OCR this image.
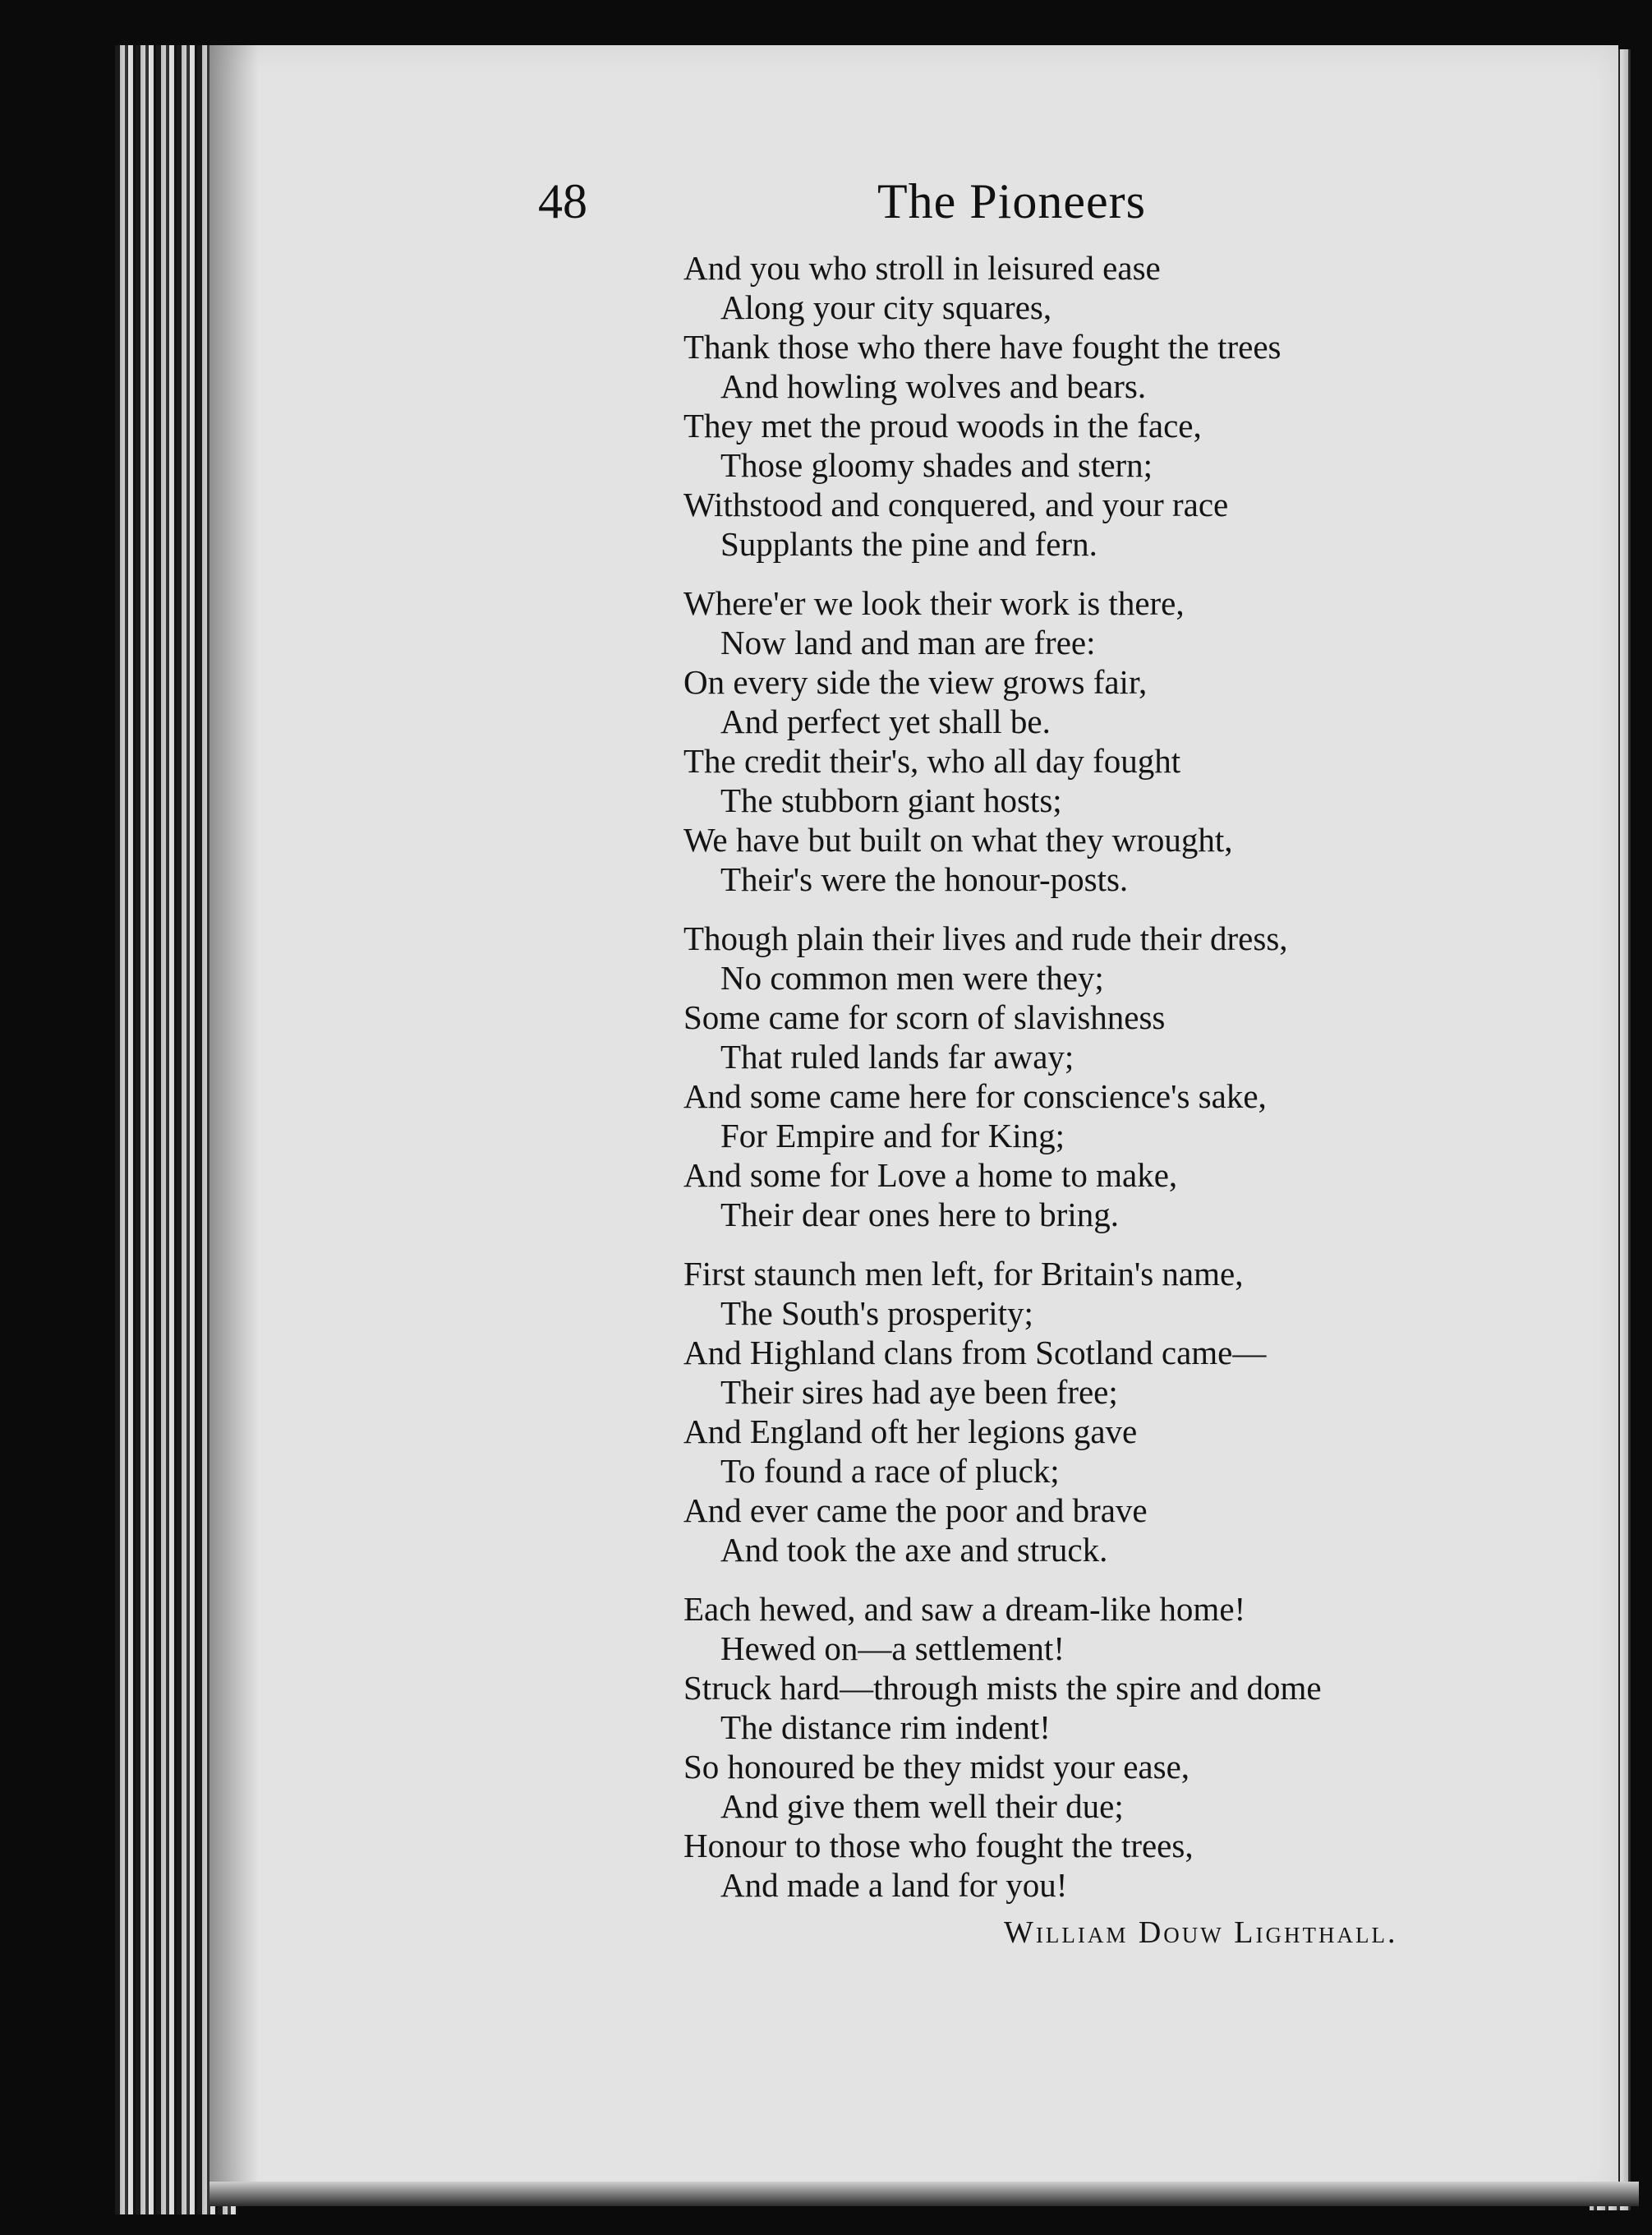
48	The Pioneers
And you who stroll in leisured ease
Along your city squares,
Thank those who there have fought the trees
And howling wolves and bears.
They met the proud woods in the face,
Those gloomy shades and stern;
Withstood and conquered, and your race
Supplants the pine and fern.
Where'er we look their work is there,
Now land and man are free:
On every side the view grows fair,
And perfect yet shall be.
The credit their's, who all day fought
The stubborn giant hosts;
We have but built on what they wrought,
Their's were the honour-posts.
Though plain their lives and rude their dress,
No common men were they;
Some came for scorn of slavishness
That ruled lands far away;
And some came here for conscience's sake,
For Empire and for King;
And some for Love a home to make,
Their dear ones here to bring.
First staunch men left, for Britain's name,
The South's prosperity;
And Highland clans from Scotland came—
Their sires had aye been free;
And England oft her legions gave
To found a race of pluck;
And ever came the poor and brave
And took the axe and struck.
Each hewed, and saw a dream-like home!
Hewed on—a settlement!
Struck hard—through mists the spire and dome
The distance rim indent!
So honoured be they midst your ease,
And give them well their due;
Honour to those who fought the trees,
And made a land for you!
William Douw Lighthall.
